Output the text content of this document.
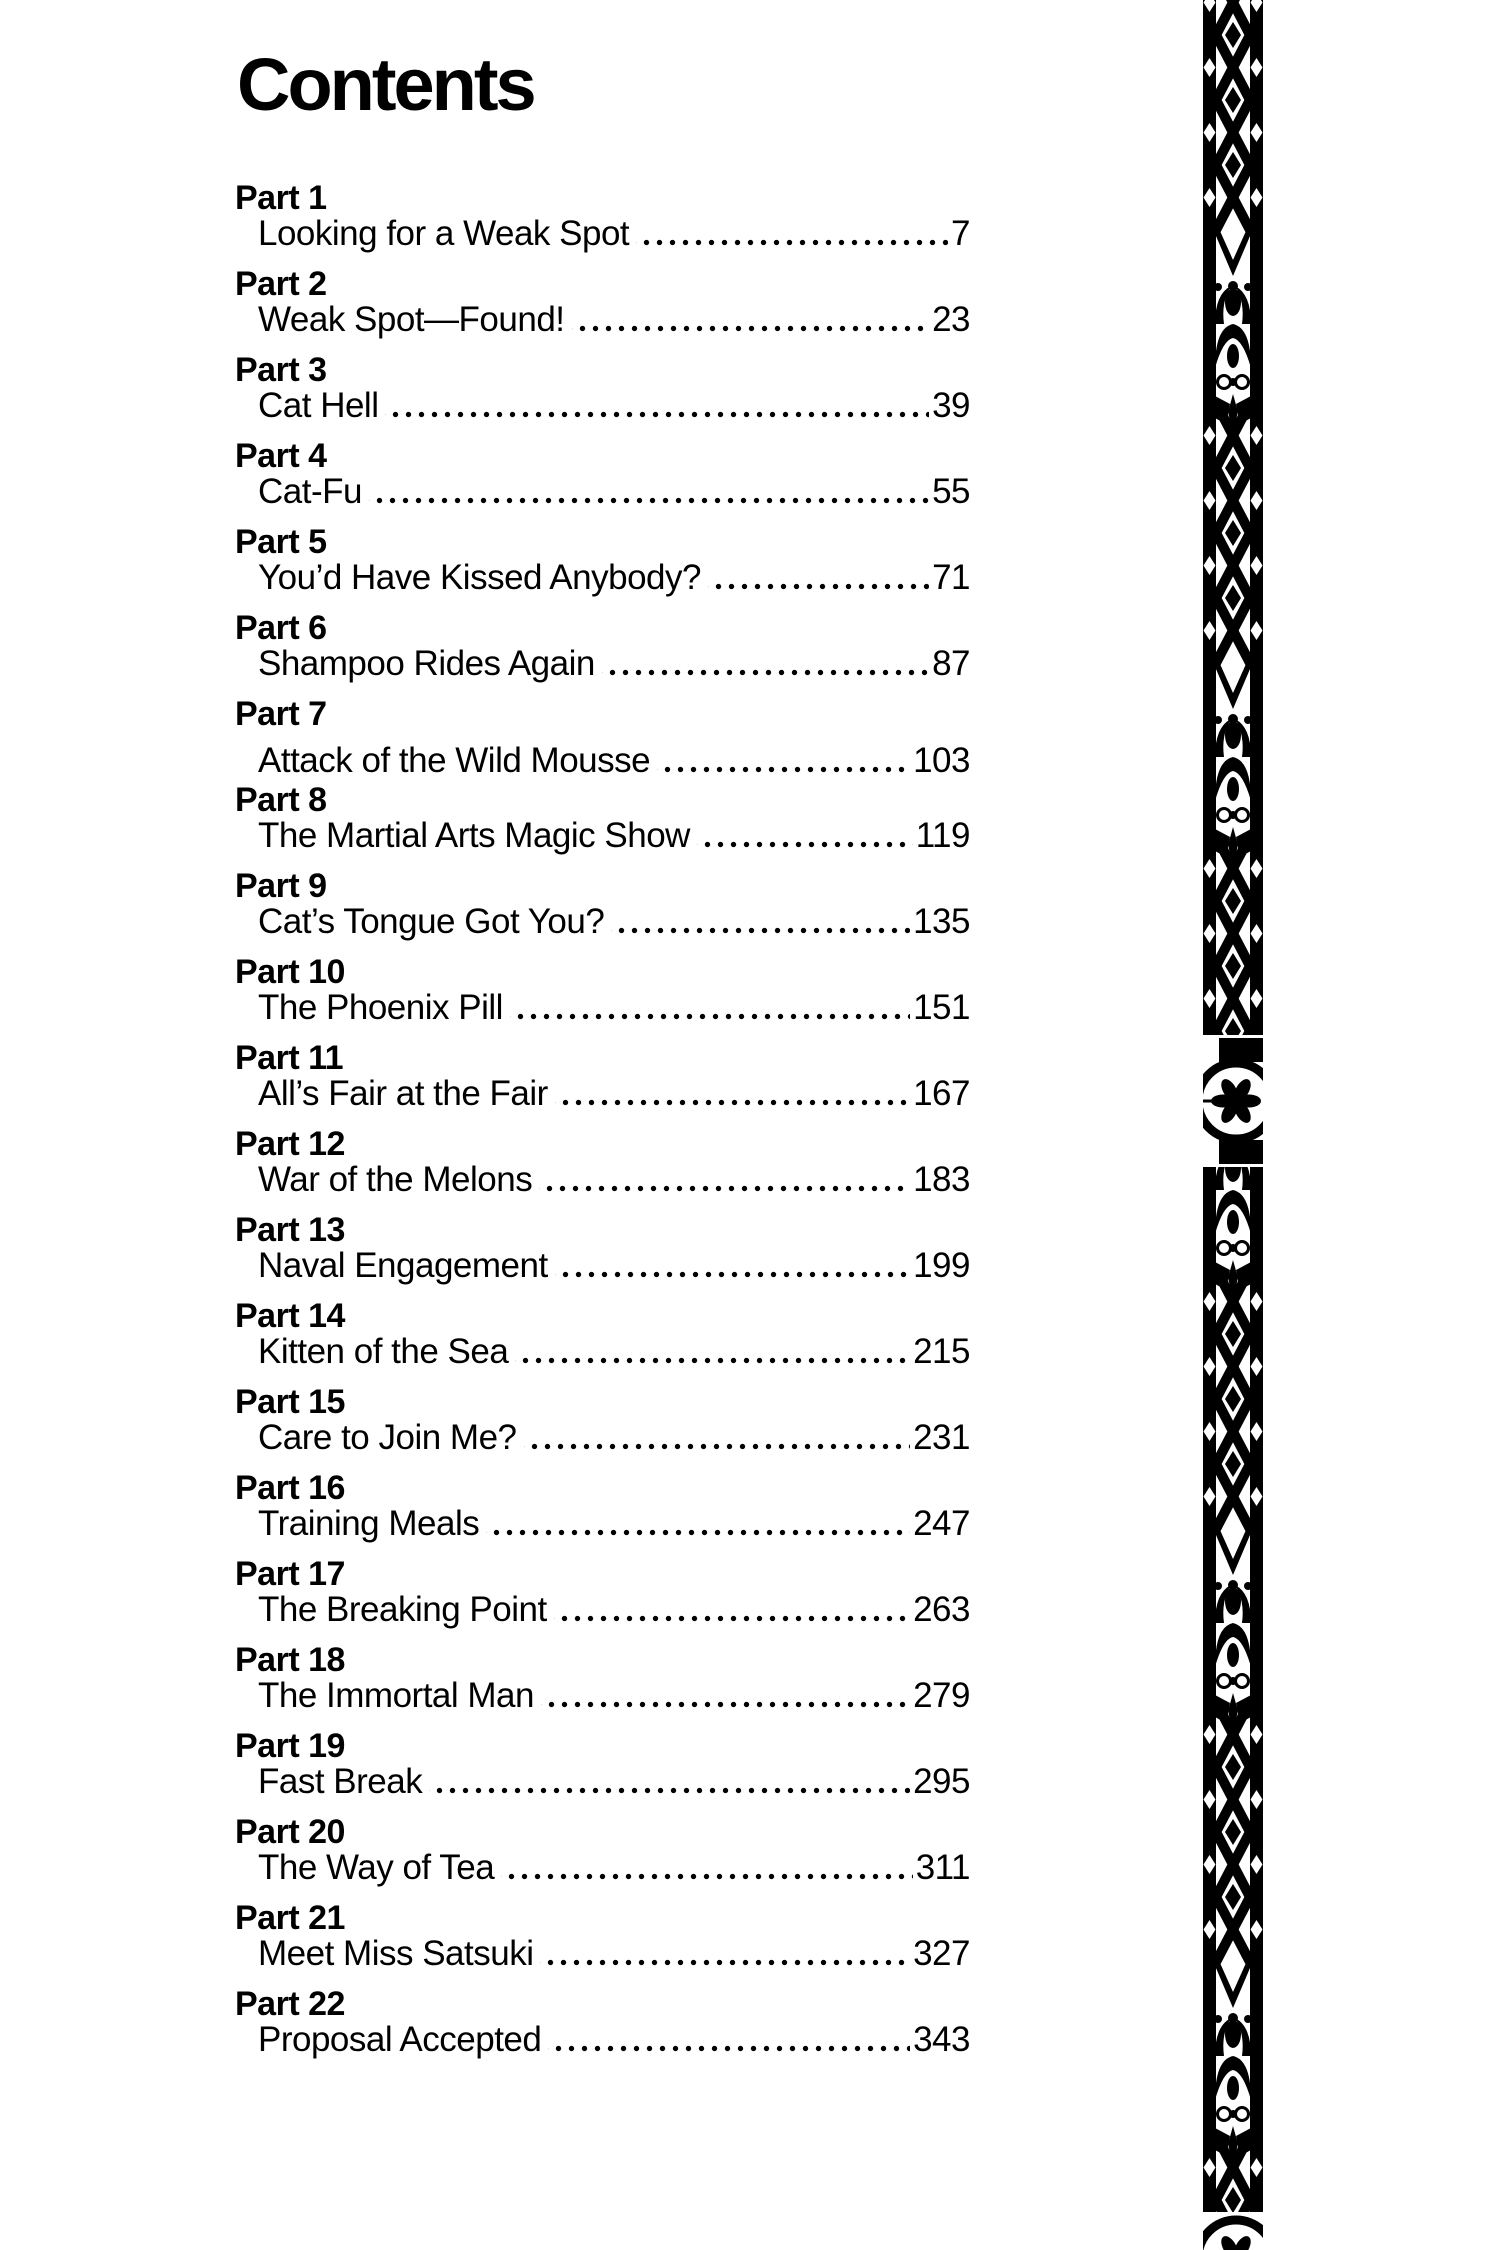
Contents
Part 1
Looking for a Weak Spot	7
Part 2
Weak Spot—Found!	23
Part 3
Cat Hell	39
Part 4
Cat-Fu	55
Part 5
You’d Have Kissed Anybody?	71
Part 6
Shampoo Rides Again	87
Part 7
Attack of the Wild Mousse	103
Part 8
The Martial Arts Magic Show	119
Part 9
Cat’s Tongue Got You?	135
Part 10
The Phoenix Pill	151
Part 11
All’s Fair at the Fair	167
Part 12
War of the Melons	183
Part 13
Naval Engagement	199
Part 14
Kitten of the Sea	215
Part 15
Care to Join Me?	231
Part 16
Training Meals	247
Part 17
The Breaking Point	263
Part 18
The Immortal Man	279
Part 19
Fast Break	295
Part 20
The Way of Tea	311
Part 21
Meet Miss Satsuki	327
Part 22
Proposal Accepted	343
